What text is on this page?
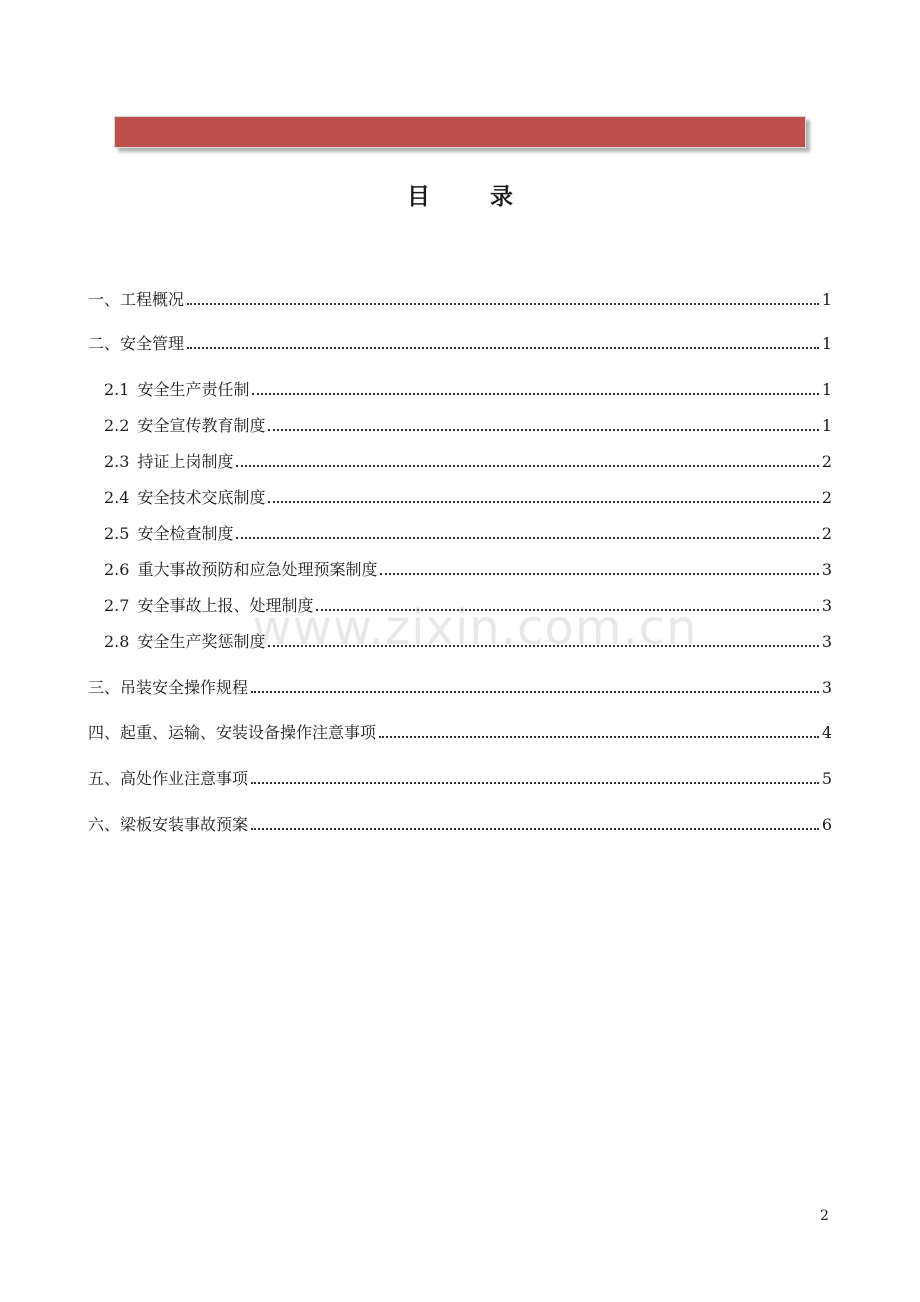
目 录
一、工程概况	1
二、安全管理	1
2.1 安全生产责任制	1
2.2 安全宣传教育制度	1
2.3 持证上岗制度	2
2.4 安全技术交底制度	2
2.5 安全检查制度	2
2.6 重大事故预防和应急处理预案制度	3
2.7 安全事故上报、处理制度	3
2.8 安全生产奖惩制度	3
三、吊装安全操作规程	3
四、起重、运输、安装设备操作注意事项	4
五、高处作业注意事项	5
六、梁板安装事故预案	6
www.zixin.com.cn
2
